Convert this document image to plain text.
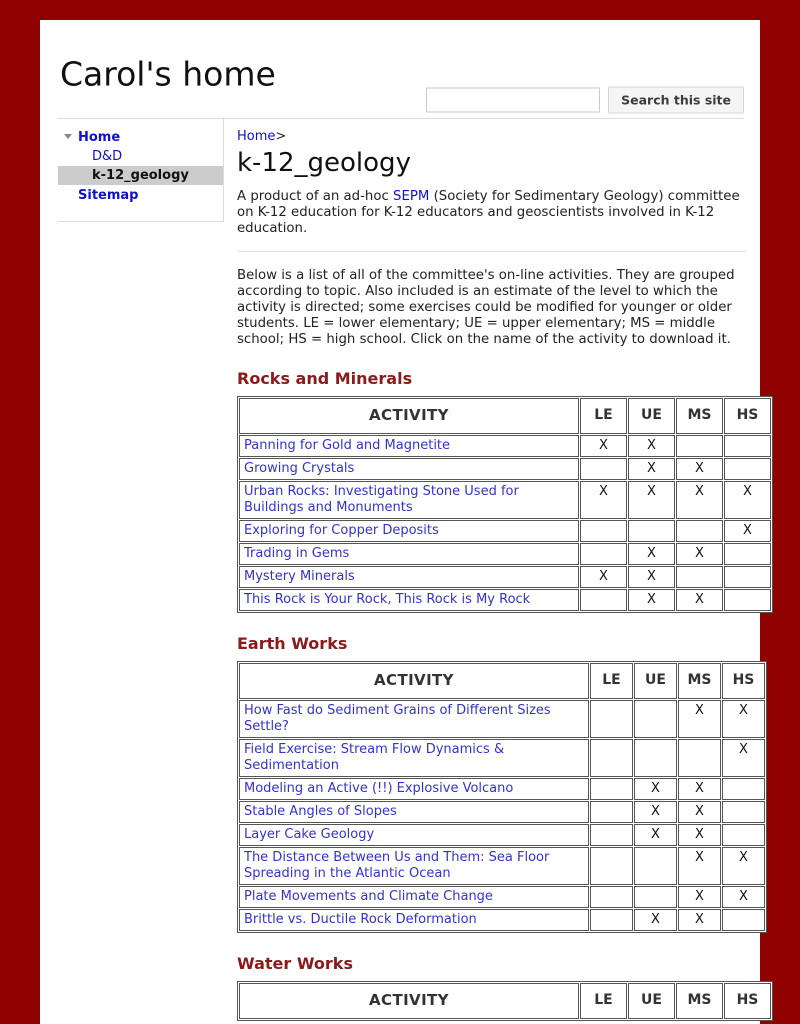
Carol's home
Search this site
Home
D&D
k-12_geology
Sitemap
Home>
k-12_geology

A product of an ad-hoc SEPM (Society for Sedimentary Geology) committee on K-12 education for K-12 educators and geoscientists involved in K-12 education.

Below is a list of all of the committee's on-line activities. They are grouped according to topic. Also included is an estimate of the level to which the activity is directed; some exercises could be modified for younger or older students. LE = lower elementary; UE = upper elementary; MS = middle school; HS = high school. Click on the name of the activity to download it.

Rocks and Minerals
ACTIVITY	LE	UE	MS	HS
Panning for Gold and Magnetite	X	X		
Growing Crystals		X	X	
Urban Rocks: Investigating Stone Used for Buildings and Monuments	X	X	X	X
Exploring for Copper Deposits				X
Trading in Gems		X	X	
Mystery Minerals	X	X		
This Rock is Your Rock, This Rock is My Rock		X	X	
Earth Works
ACTIVITY	LE	UE	MS	HS
How Fast do Sediment Grains of Different Sizes Settle?			X	X
Field Exercise: Stream Flow Dynamics & Sedimentation				X
Modeling an Active (!!) Explosive Volcano		X	X	
Stable Angles of Slopes		X	X	
Layer Cake Geology		X	X	
The Distance Between Us and Them: Sea Floor Spreading in the Atlantic Ocean			X	X
Plate Movements and Climate Change			X	X
Brittle vs. Ductile Rock Deformation		X	X	
Water Works
ACTIVITY	LE	UE	MS	HS
